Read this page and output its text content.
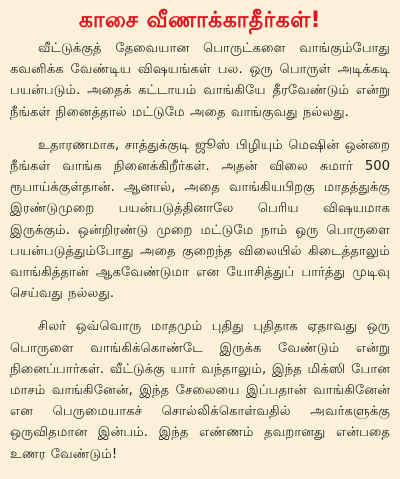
காசை வீணாக்காதீர்கள்!

வீட்டுக்குத் தேவையான பொருட்களை வாங்கும்போது கவனிக்க வேண்டிய விஷயங்கள் பல. ஒரு பொருள் அடிக்கடி பயன்படும். அதைக் கட்டாயம் வாங்கியே தீரவேண்டும் என்று நீங்கள் நினைத்தால் மட்டுமே அதை வாங்குவது நல்லது.

உதாரணமாக, சாத்துக்குடி ஜூஸ் பிழியும் மெஷின் ஒன்றை நீங்கள் வாங்க நினைக்கிறீர்கள். அதன் விலை சுமார் 500 ரூபாய்க்குள்தான். ஆனால், அதை வாங்கியபிறகு மாதத்துக்கு இரண்டுமுறை பயன்படுத்தினாலே பெரிய விஷயமாக இருக்கும். ஒன்றிரண்டு முறை மட்டுமே நாம் ஒரு பொருளை பயன்படுத்தும்போது அதை குறைந்த விலையில் கிடைத்தாலும் வாங்கித்தான் ஆகவேண்டுமா என யோசித்துப் பார்த்து முடிவு செய்வது நல்லது.

சிலர் ஒவ்வொரு மாதமும் புதிது புதிதாக ஏதாவது ஒரு பொருளை வாங்கிக்கொண்டே இருக்க வேண்டும் என்று நினைப்பார்கள். வீட்டுக்கு யார் வந்தாலும், இந்த மிக்ஸி போன மாசம் வாங்கினேன், இந்த சேலையை இப்பதான் வாங்கினேன் என பெருமையாகச் சொல்லிக்கொள்வதில் அவர்களுக்கு ஒருவிதமான இன்பம். இந்த எண்ணம் தவறானது என்பதை உணர வேண்டும்!
